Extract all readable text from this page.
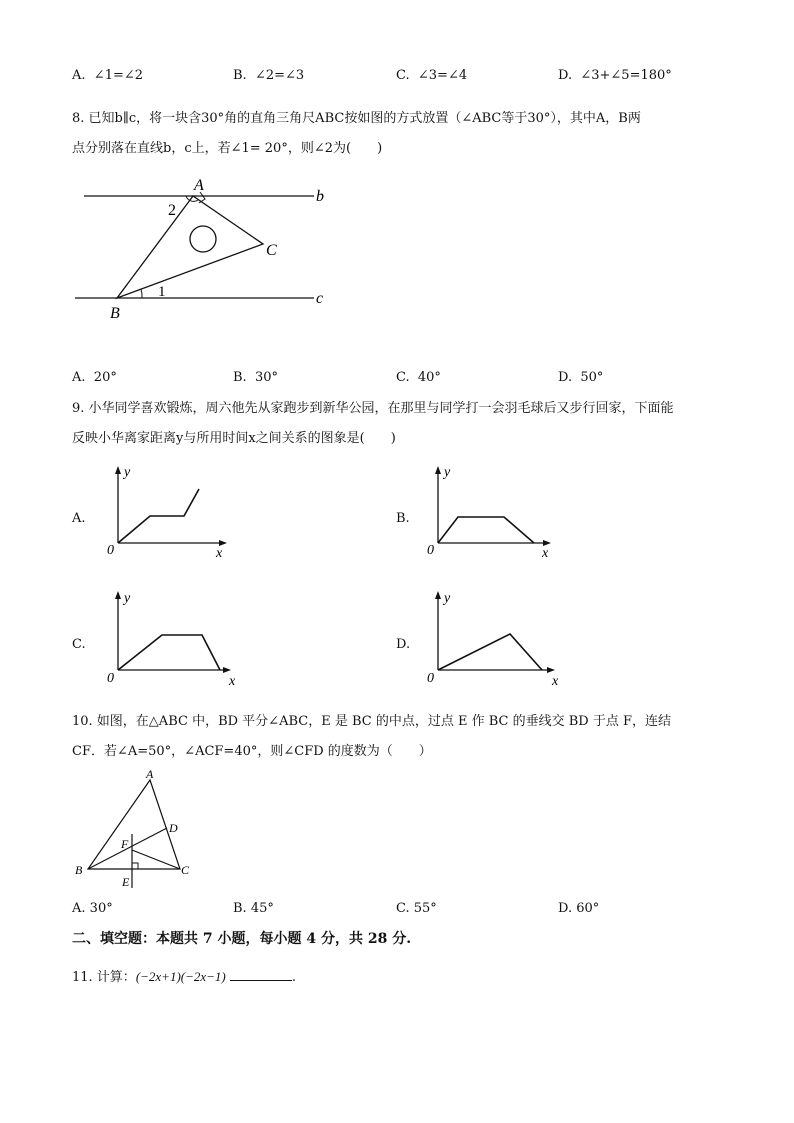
A. ∠1=∠2	B. ∠2=∠3	C. ∠3=∠4	D. ∠3+∠5=180°
8. 已知b∥c，将一块含30°角的直角三角尺ABC按如图的方式放置（∠ABC等于30°），其中A，B两
点分别落在直线b，c上，若∠1= 20°，则∠2为(　　)
A
B
C
b
c
1
2
A. 20°	B. 30°	C. 40°	D. 50°
9. 小华同学喜欢锻炼，周六他先从家跑步到新华公园，在那里与同学打一会羽毛球后又步行回家，下面能
反映小华离家距离y与所用时间x之间关系的图象是(　　)
A.
y
x
0
B.
y
x
0
C.
y
x
0
D.
y
x
0
10. 如图，在△ABC 中，BD 平分∠ABC，E 是 BC 的中点，过点 E 作 BC 的垂线交 BD 于点 F，连结
CF．若∠A=50°，∠ACF=40°，则∠CFD 的度数为（　　）
A
B	C
D
E
F
A. 30°	B. 45°	C. 55°	D. 60°
二、填空题：本题共 7 小题，每小题 4 分，共 28 分.
11. 计算：(−2x+1)(−2x−1)	.
